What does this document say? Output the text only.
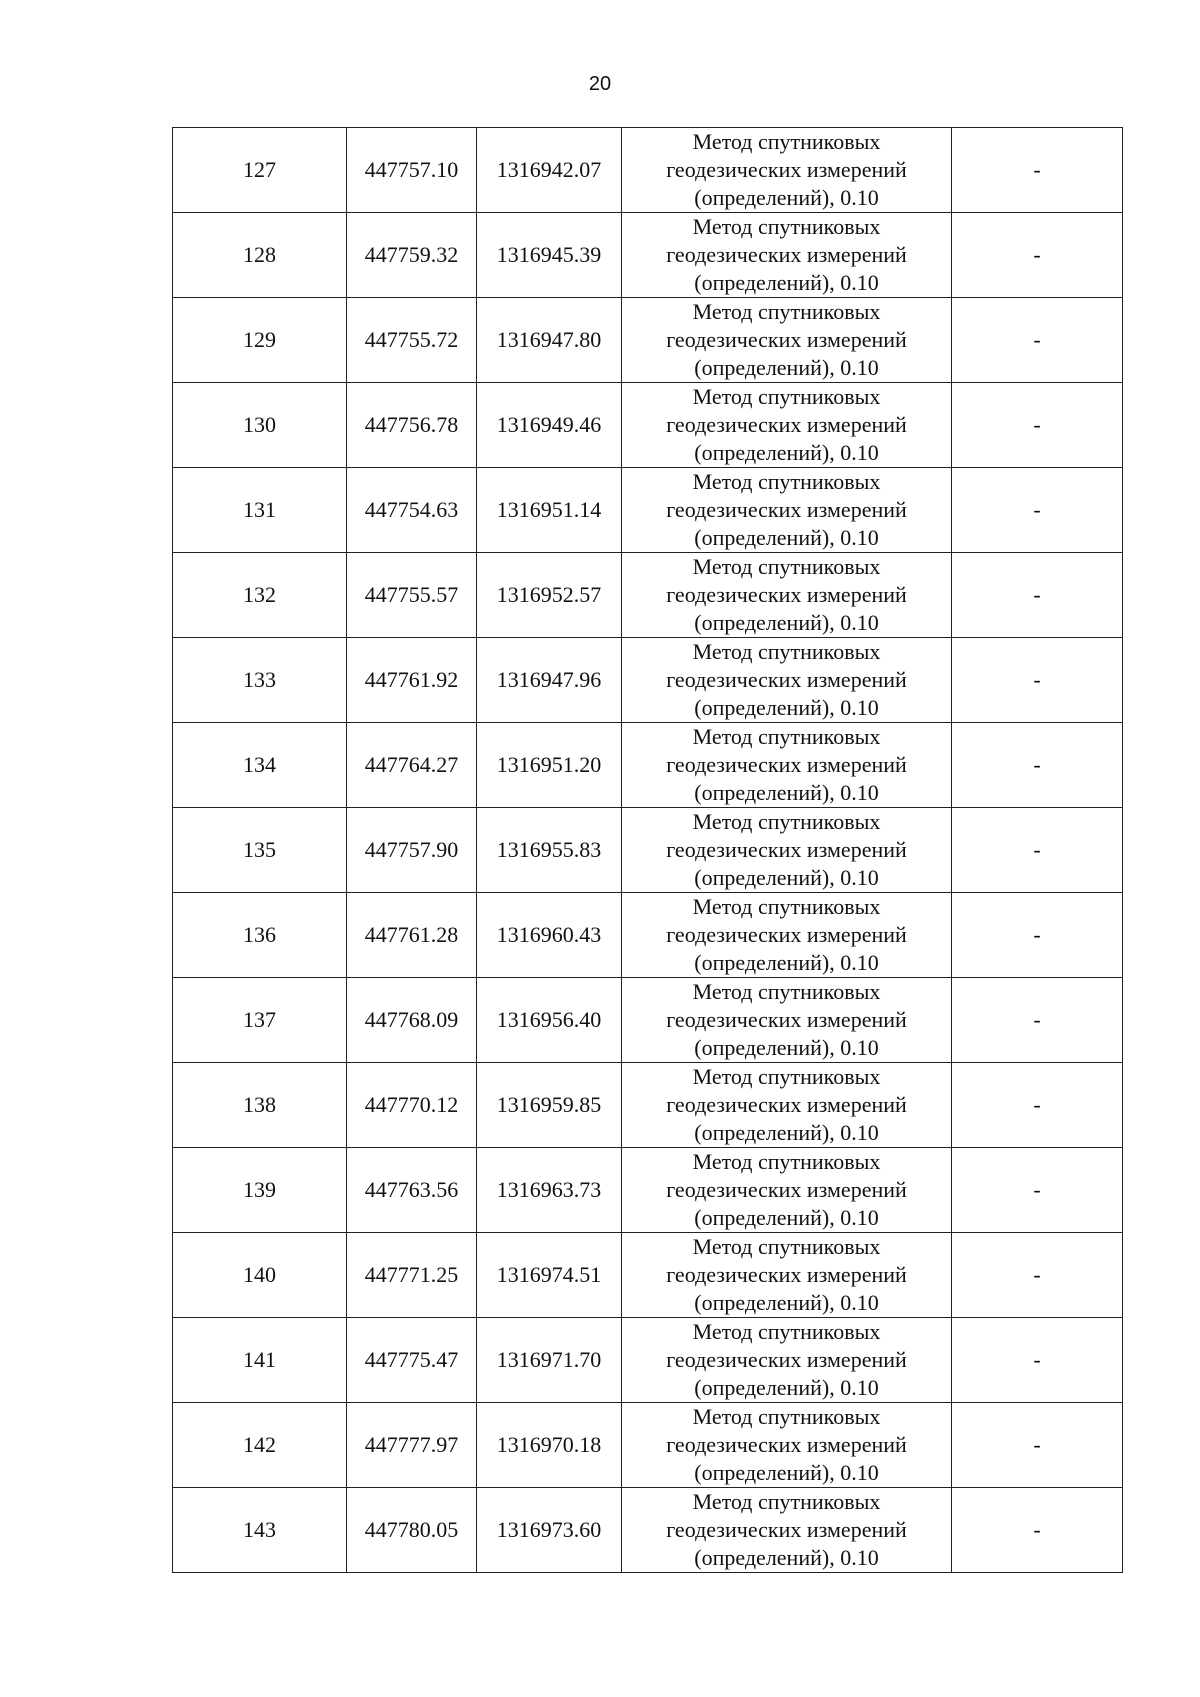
20
127	447757.10	1316942.07	Метод спутниковых
геодезических измерений
(определений), 0.10	-
128	447759.32	1316945.39	Метод спутниковых
геодезических измерений
(определений), 0.10	-
129	447755.72	1316947.80	Метод спутниковых
геодезических измерений
(определений), 0.10	-
130	447756.78	1316949.46	Метод спутниковых
геодезических измерений
(определений), 0.10	-
131	447754.63	1316951.14	Метод спутниковых
геодезических измерений
(определений), 0.10	-
132	447755.57	1316952.57	Метод спутниковых
геодезических измерений
(определений), 0.10	-
133	447761.92	1316947.96	Метод спутниковых
геодезических измерений
(определений), 0.10	-
134	447764.27	1316951.20	Метод спутниковых
геодезических измерений
(определений), 0.10	-
135	447757.90	1316955.83	Метод спутниковых
геодезических измерений
(определений), 0.10	-
136	447761.28	1316960.43	Метод спутниковых
геодезических измерений
(определений), 0.10	-
137	447768.09	1316956.40	Метод спутниковых
геодезических измерений
(определений), 0.10	-
138	447770.12	1316959.85	Метод спутниковых
геодезических измерений
(определений), 0.10	-
139	447763.56	1316963.73	Метод спутниковых
геодезических измерений
(определений), 0.10	-
140	447771.25	1316974.51	Метод спутниковых
геодезических измерений
(определений), 0.10	-
141	447775.47	1316971.70	Метод спутниковых
геодезических измерений
(определений), 0.10	-
142	447777.97	1316970.18	Метод спутниковых
геодезических измерений
(определений), 0.10	-
143	447780.05	1316973.60	Метод спутниковых
геодезических измерений
(определений), 0.10	-
